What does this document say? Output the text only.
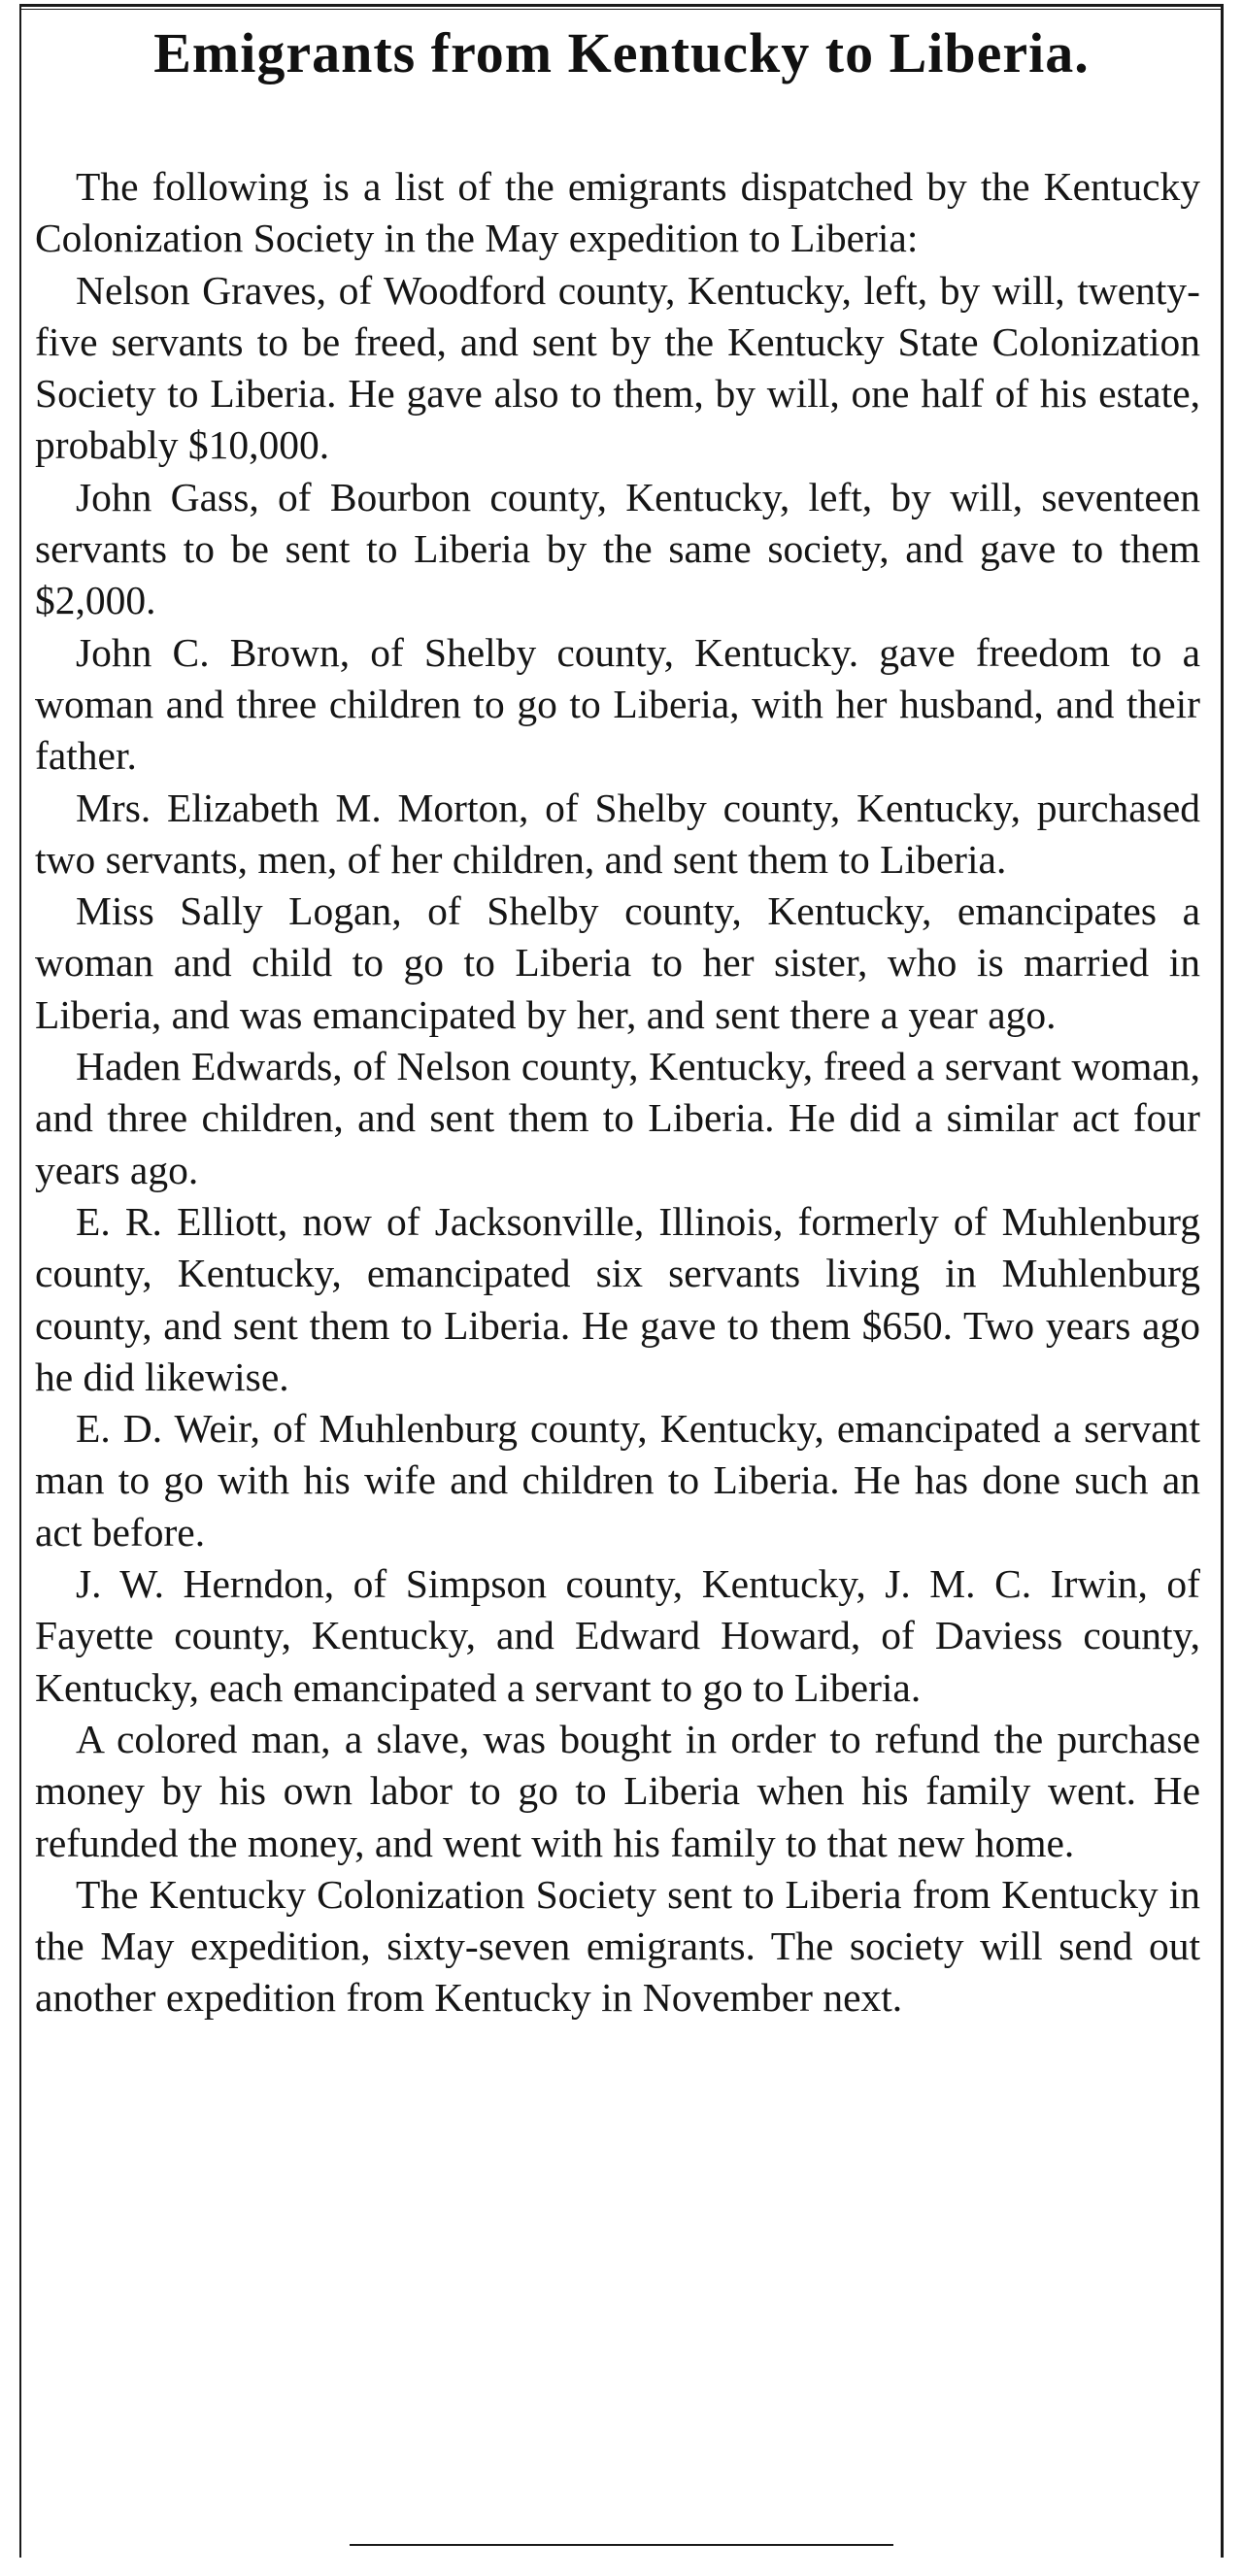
Emigrants from Kentucky to Liberia.

The following is a list of the emigrants dispatched by the Kentucky Colonization Society in the May expedition to Liberia:

Nelson Graves, of Woodford county, Kentucky, left, by will, twenty-five servants to be freed, and sent by the Kentucky State Colonization Society to Liberia. He gave also to them, by will, one half of his estate, probably $10,000.

John Gass, of Bourbon county, Kentucky, left, by will, seventeen servants to be sent to Liberia by the same society, and gave to them $2,000.

John C. Brown, of Shelby county, Kentucky. gave freedom to a woman and three children to go to Liberia, with her husband, and their father.

Mrs. Elizabeth M. Morton, of Shelby county, Kentucky, purchased two servants, men, of her children, and sent them to Liberia.

Miss Sally Logan, of Shelby county, Kentucky, emancipates a woman and child to go to Liberia to her sister, who is married in Liberia, and was emancipated by her, and sent there a year ago.

Haden Edwards, of Nelson county, Kentucky, freed a servant woman, and three children, and sent them to Liberia. He did a similar act four years ago.

E. R. Elliott, now of Jacksonville, Illinois, formerly of Muhlenburg county, Kentucky, emancipated six servants living in Muhlenburg county, and sent them to Liberia. He gave to them $650. Two years ago he did likewise.

E. D. Weir, of Muhlenburg county, Kentucky, emancipated a servant man to go with his wife and children to Liberia. He has done such an act before.

J. W. Herndon, of Simpson county, Kentucky, J. M. C. Irwin, of Fayette county, Kentucky, and Edward Howard, of Daviess county, Kentucky, each emancipated a servant to go to Liberia.

A colored man, a slave, was bought in order to refund the purchase money by his own labor to go to Liberia when his family went. He refunded the money, and went with his family to that new home.

The Kentucky Colonization Society sent to Liberia from Kentucky in the May expedition, sixty-seven emigrants. The society will send out another expedition from Kentucky in November next.
